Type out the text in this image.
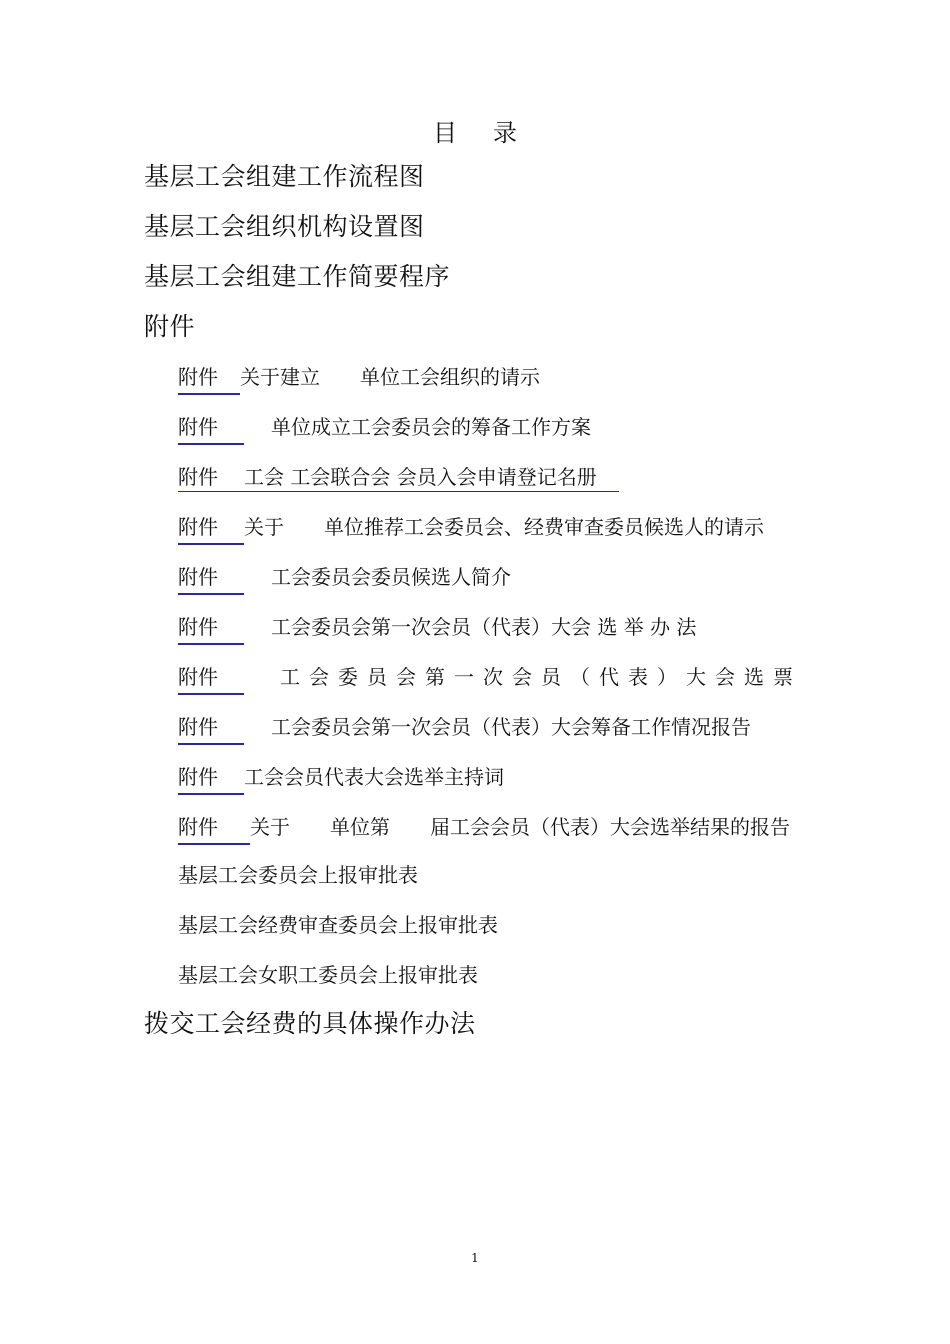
目 录
基层工会组建工作流程图
基层工会组织机构设置图
基层工会组建工作简要程序
附件
附件 关于建立　　单位工会组织的请示
附件	单位成立工会委员会的筹备工作方案
附件 工会 工会联合会 会员入会申请登记名册
附件 关于　　单位推荐工会委员会、经费审查委员候选人的请示
附件	工会委员会委员候选人简介
附件	工会委员会第一次会员（代表）大会 选 举 办 法
附件	工会委员会第一次会员（代表）大会选票
附件	工会委员会第一次会员（代表）大会筹备工作情况报告
附件 工会会员代表大会选举主持词
附件 关于　　单位第　　届工会会员（代表）大会选举结果的报告
基层工会委员会上报审批表
基层工会经费审查委员会上报审批表
基层工会女职工委员会上报审批表
拨交工会经费的具体操作办法
1
